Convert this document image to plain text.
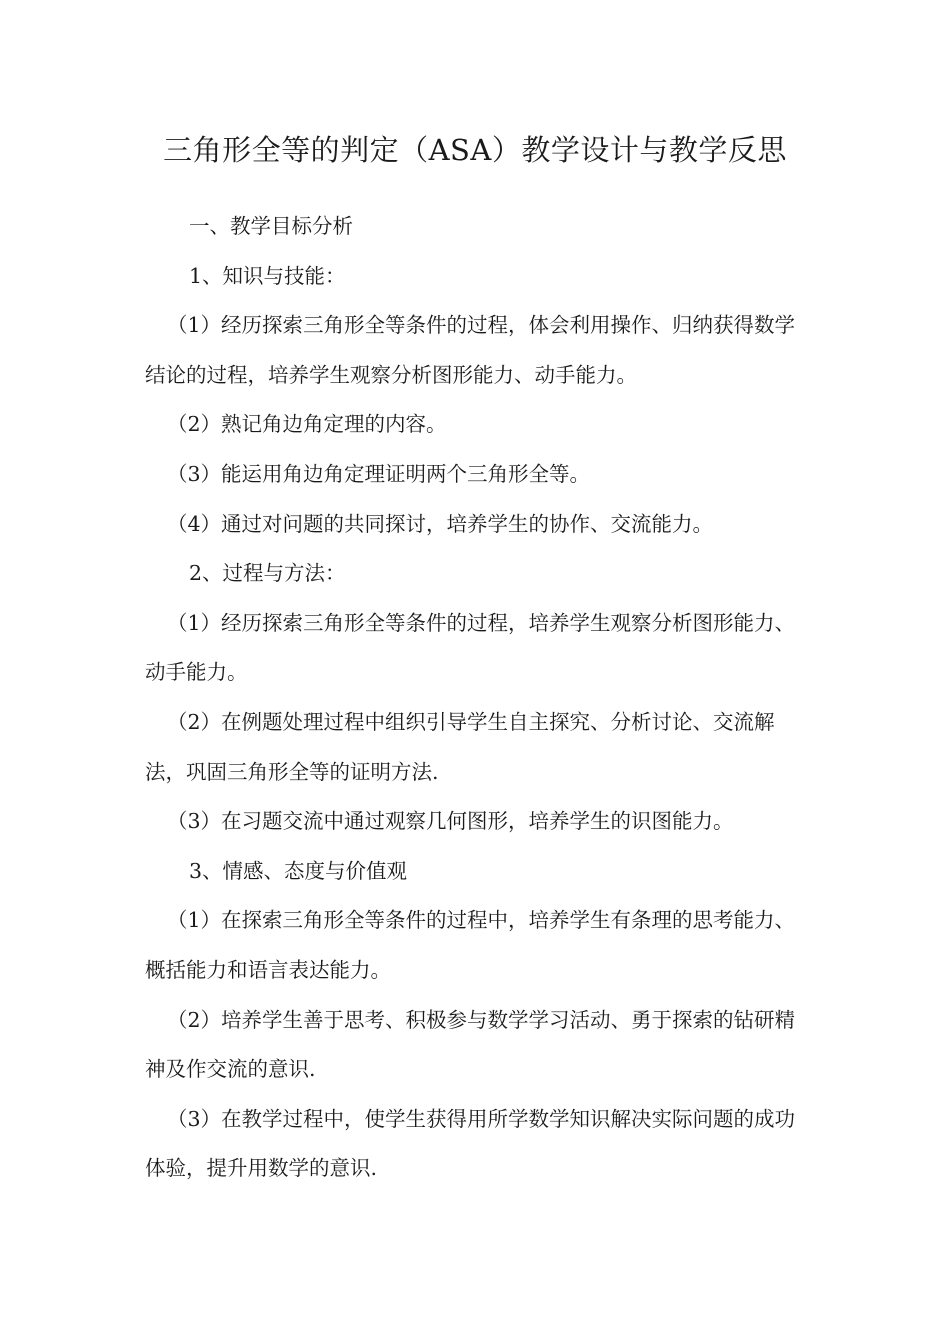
三角形全等的判定（ASA）教学设计与教学反思

一、教学目标分析

1、知识与技能：

（1）经历探索三角形全等条件的过程，体会利用操作、归纳获得数学结论的过程，培养学生观察分析图形能力、动手能力。

（2）熟记角边角定理的内容。

（3）能运用角边角定理证明两个三角形全等。

（4）通过对问题的共同探讨，培养学生的协作、交流能力。

2、过程与方法：

（1）经历探索三角形全等条件的过程，培养学生观察分析图形能力、动手能力。

（2）在例题处理过程中组织引导学生自主探究、分析讨论、交流解法，巩固三角形全等的证明方法.

（3）在习题交流中通过观察几何图形，培养学生的识图能力。

3、情感、态度与价值观

（1）在探索三角形全等条件的过程中，培养学生有条理的思考能力、概括能力和语言表达能力。

（2）培养学生善于思考、积极参与数学学习活动、勇于探索的钻研精神及作交流的意识.

（3）在教学过程中，使学生获得用所学数学知识解决实际问题的成功体验，提升用数学的意识.
